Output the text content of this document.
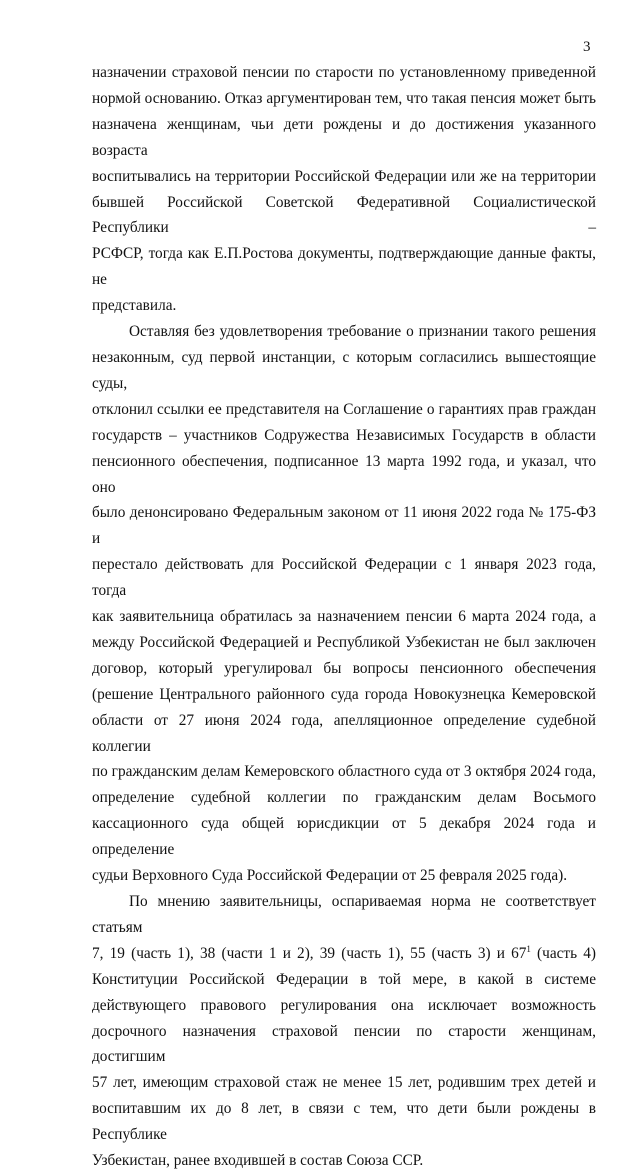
3
назначении страховой пенсии по старости по установленному приведенной
нормой основанию. Отказ аргументирован тем, что такая пенсия может быть
назначена женщинам, чьи дети рождены и до достижения указанного возраста
воспитывались на территории Российской Федерации или же на территории
бывшей Российской Советской Федеративной Социалистической Республики –
РСФСР, тогда как Е.П.Ростова документы, подтверждающие данные факты, не
представила.
Оставляя без удовлетворения требование о признании такого решения
незаконным, суд первой инстанции, с которым согласились вышестоящие суды,
отклонил ссылки ее представителя на Соглашение о гарантиях прав граждан
государств – участников Содружества Независимых Государств в области
пенсионного обеспечения, подписанное 13 марта 1992 года, и указал, что оно
было денонсировано Федеральным законом от 11 июня 2022 года № 175-ФЗ и
перестало действовать для Российской Федерации с 1 января 2023 года, тогда
как заявительница обратилась за назначением пенсии 6 марта 2024 года, а
между Российской Федерацией и Республикой Узбекистан не был заключен
договор, который урегулировал бы вопросы пенсионного обеспечения
(решение Центрального районного суда города Новокузнецка Кемеровской
области от 27 июня 2024 года, апелляционное определение судебной коллегии
по гражданским делам Кемеровского областного суда от 3 октября 2024 года,
определение судебной коллегии по гражданским делам Восьмого
кассационного суда общей юрисдикции от 5 декабря 2024 года и определение
судьи Верховного Суда Российской Федерации от 25 февраля 2025 года).
По мнению заявительницы, оспариваемая норма не соответствует статьям
7, 19 (часть 1), 38 (части 1 и 2), 39 (часть 1), 55 (часть 3) и 67$^1$ (часть 4)
Конституции Российской Федерации в той мере, в какой в системе
действующего правового регулирования она исключает возможность
досрочного назначения страховой пенсии по старости женщинам, достигшим
57 лет, имеющим страховой стаж не менее 15 лет, родившим трех детей и
воспитавшим их до 8 лет, в связи с тем, что дети были рождены в Республике
Узбекистан, ранее входившей в состав Союза ССР.
